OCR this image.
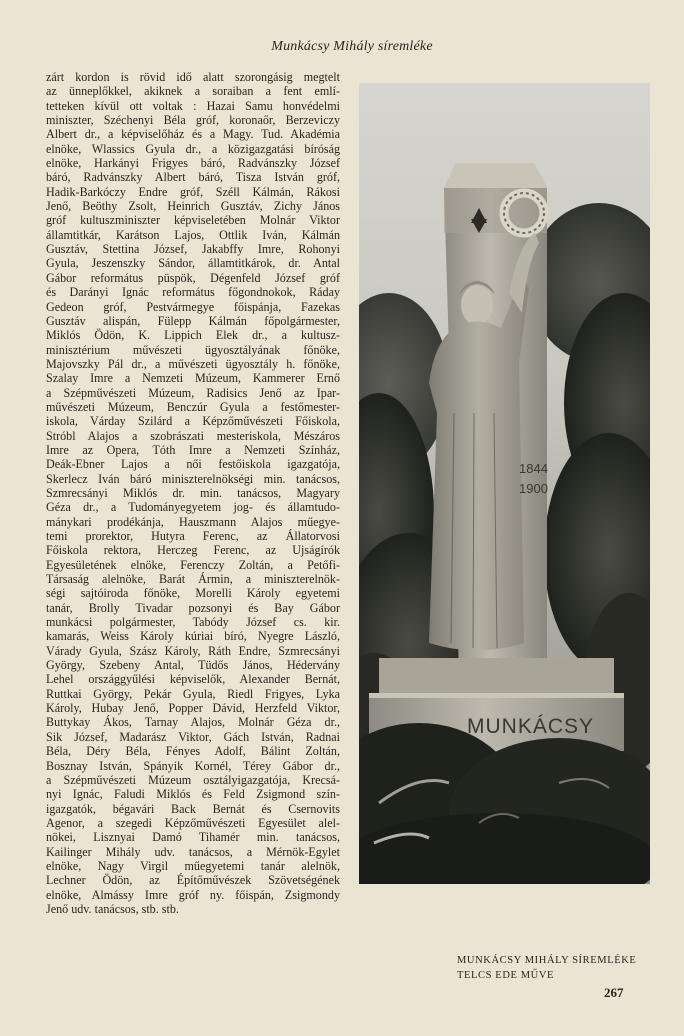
Munkácsy Mihály síremléke
zárt kordon is rövid idő alatt szorongásig megtelt
az ünneplőkkel, akiknek a soraiban a fent emlí-
tetteken kívül ott voltak : Hazai Samu honvédelmi
miniszter, Széchenyi Béla gróf, koronaőr, Berzeviczy
Albert dr., a képviselőház és a Magy. Tud. Akadémia
elnöke, Wlassics Gyula dr., a közigazgatási bíróság
elnöke, Harkányi Frigyes báró, Radvánszky József
báró, Radvánszky Albert báró, Tisza István gróf,
Hadik-Barkóczy Endre gróf, Széll Kálmán, Rákosi
Jenő, Beöthy Zsolt, Heinrich Gusztáv, Zichy János
gróf kultuszminiszter képviseletében Molnár Viktor
államtitkár, Karátson Lajos, Ottlik Iván, Kálmán
Gusztáv, Stettina József, Jakabffy Imre, Rohonyi
Gyula, Jeszenszky Sándor, államtitkárok, dr. Antal
Gábor református püspök, Dégenfeld József gróf
és Darányi Ignác református főgondnokok, Ráday
Gedeon gróf, Pestvármegye főispánja, Fazekas
Gusztáv alispán, Fülepp Kálmán főpolgármester,
Miklós Ödön, K. Lippich Elek dr., a kultusz-
minisztérium művészeti ügyosztályának főnöke,
Majovszky Pál dr., a művészeti ügyosztály h. főnöke,
Szalay Imre a Nemzeti Múzeum, Kammerer Ernő
a Szépművészeti Múzeum, Radisics Jenő az Ipar-
művészeti Múzeum, Benczúr Gyula a festőmester-
iskola, Várday Szilárd a Képzőművészeti Főiskola,
Stróbl Alajos a szobrászati mesteriskola, Mészáros
Imre az Opera, Tóth Imre a Nemzeti Színház,
Deák-Ebner Lajos a női festőiskola igazgatója,
Skerlecz Iván báró miniszterelnökségi min. tanácsos,
Szmrecsányi Miklós dr. min. tanácsos, Magyary
Géza dr., a Tudományegyetem jog- és államtudo-
mánykari prodékánja, Hauszmann Alajos műegye-
temi prorektor, Hutyra Ferenc, az Állatorvosi
Főiskola rektora, Herczeg Ferenc, az Ujságírók
Egyesületének elnöke, Ferenczy Zoltán, a Petőfi-
Társaság alelnöke, Barát Ármin, a miniszterelnök-
ségi sajtóiroda főnöke, Morelli Károly egyetemi
tanár, Brolly Tivadar pozsonyi és Bay Gábor
munkácsi polgármester, Tabódy József cs. kir.
kamarás, Weiss Károly kúriai bíró, Nyegre László,
Várady Gyula, Szász Károly, Ráth Endre, Szmrecsányi
György, Szebeny Antal, Tüdős János, Hédervány
Lehel országgyűlési képviselők, Alexander Bernát,
Ruttkai György, Pekár Gyula, Riedl Frigyes, Lyka
Károly, Hubay Jenő, Popper Dávid, Herzfeld Viktor,
Buttykay Ákos, Tarnay Alajos, Molnár Géza dr.,
Sik József, Madarász Viktor, Gách István, Radnai
Béla, Déry Béla, Fényes Adolf, Bálint Zoltán,
Bosznay István, Spányik Kornél, Térey Gábor dr.,
a Szépművészeti Múzeum osztályigazgatója, Krecsá-
nyi Ignác, Faludi Miklós és Feld Zsigmond szín-
igazgatók, bégavári Back Bernát és Csernovits
Agenor, a szegedi Képzőművészeti Egyesület alel-
nökei, Lisznyai Damó Tihamér min. tanácsos,
Kailinger Mihály udv. tanácsos, a Mérnök-Egylet
elnöke, Nagy Virgil műegyetemi tanár alelnök,
Lechner Ödön, az Építőművészek Szövetségének
elnöke, Almássy Imre gróf ny. főispán, Zsigmondy
Jenő udv. tanácsos, stb. stb.
1844
1900
MUNKÁCSY
MUNKÁCSY MIHÁLY SÍREMLÉKE
TELCS EDE MŰVE
267
